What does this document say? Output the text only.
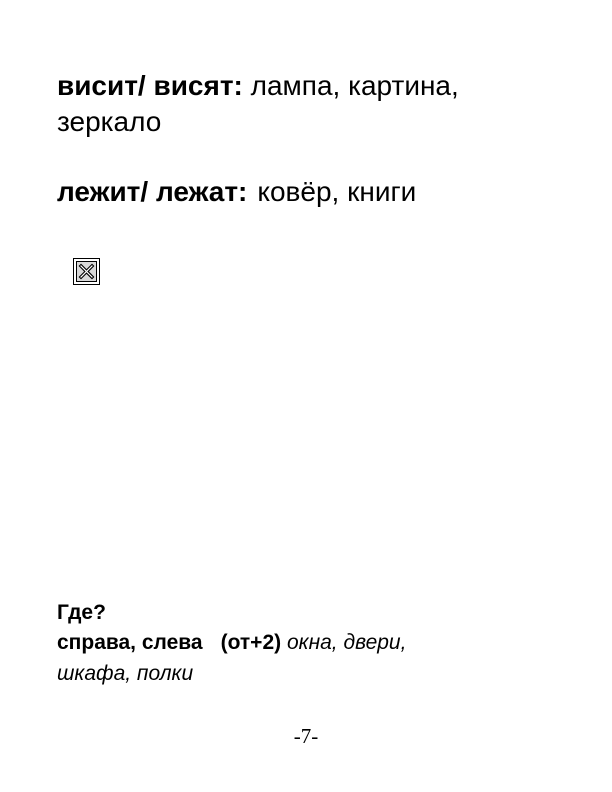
висит/ висят: лампа, картина,
зеркало
лежит/ лежат: ковёр, книги
Где?
справа, слева (от+2) окна, двери,
шкафа, полки
-7-
